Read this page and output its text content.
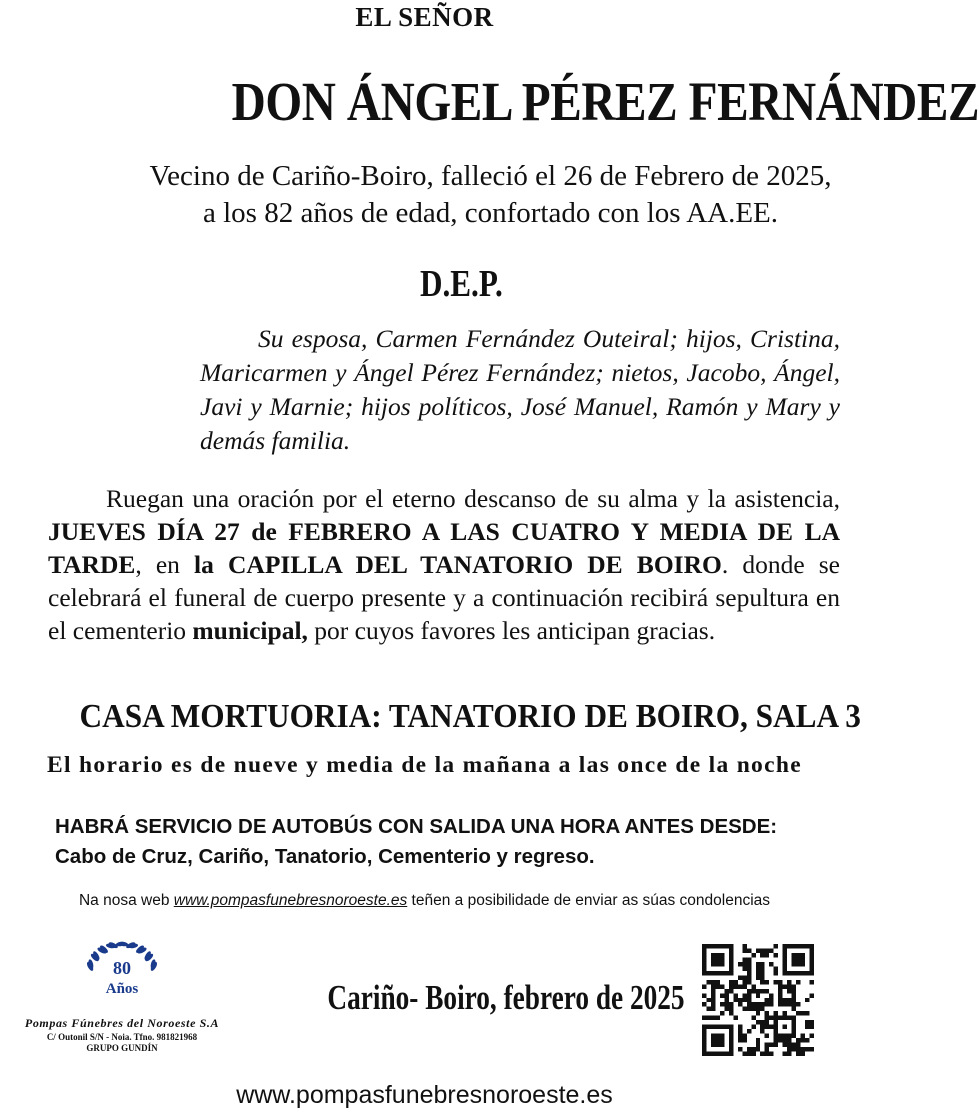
EL SEÑOR
DON ÁNGEL PÉREZ FERNÁNDEZ
Vecino de Cariño-Boiro, falleció el 26 de Febrero de 2025,
a los 82 años de edad, confortado con los AA.EE.
D.E.P.
Su esposa, Carmen Fernández Outeiral; hijos, Cristina, Maricarmen y Ángel Pérez Fernández; nietos, Jacobo, Ángel, Javi y Marnie; hijos políticos, José Manuel, Ramón y Mary y demás familia.
Ruegan una oración por el eterno descanso de su alma y la asistencia, JUEVES DÍA 27 de FEBRERO A LAS CUATRO Y MEDIA DE LA TARDE, en la CAPILLA DEL TANATORIO DE BOIRO. donde se celebrará el funeral de cuerpo presente y a continuación recibirá sepultura en el cementerio municipal, por cuyos favores les anticipan gracias.
CASA MORTUORIA: TANATORIO DE BOIRO, SALA 3
El horario es de nueve y media de la mañana a las once de la noche
HABRÁ SERVICIO DE AUTOBÚS CON SALIDA UNA HORA ANTES DESDE:
Cabo de Cruz, Cariño, Tanatorio, Cementerio y regreso.
Na nosa web www.pompasfunebresnoroeste.es teñen a posibilidade de enviar as súas condolencias
80
Años
Pompas Fúnebres del Noroeste S.A
C/ Outonil S/N - Noia. Tfno. 981821968
GRUPO GUNDÍN
Cariño- Boiro, febrero de 2025
www.pompasfunebresnoroeste.es
